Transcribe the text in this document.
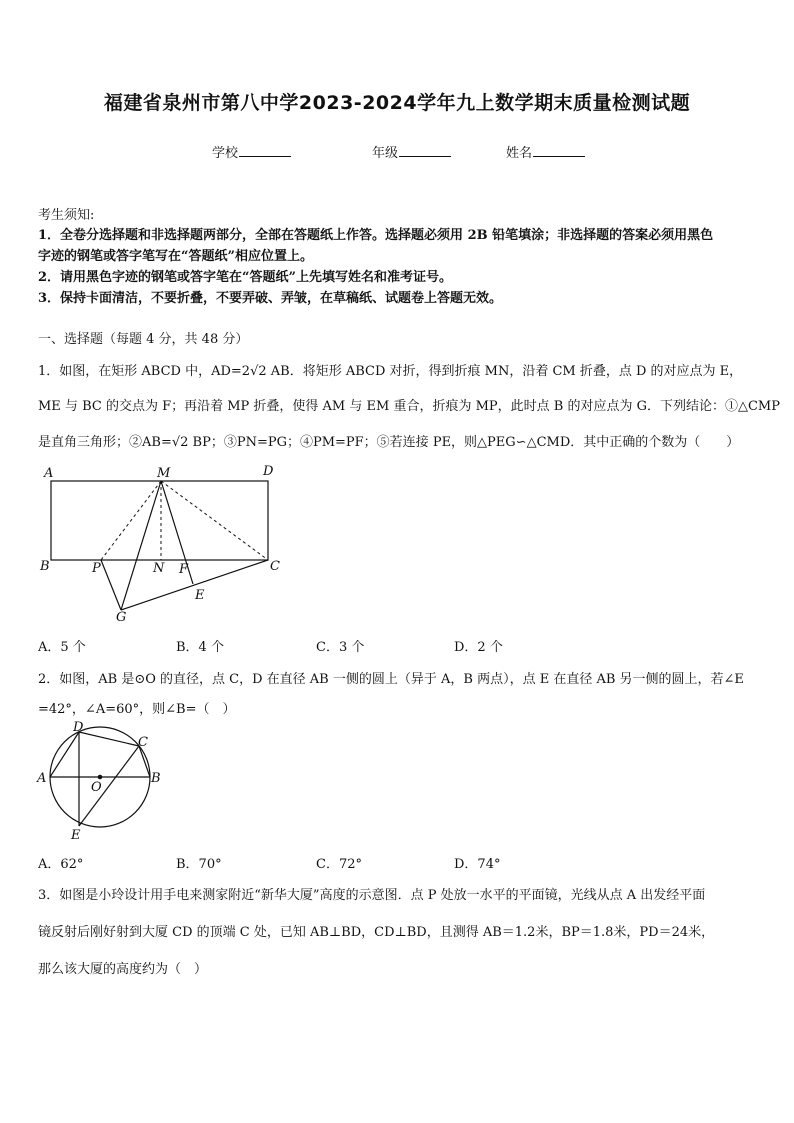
福建省泉州市第八中学2023-2024学年九上数学期末质量检测试题
学校	年级	姓名
考生须知:
1．全卷分选择题和非选择题两部分，全部在答题纸上作答。选择题必须用 2B 铅笔填涂；非选择题的答案必须用黑色
字迹的钢笔或答字笔写在“答题纸”相应位置上。
2．请用黑色字迹的钢笔或答字笔在“答题纸”上先填写姓名和准考证号。
3．保持卡面清洁，不要折叠，不要弄破、弄皱，在草稿纸、试题卷上答题无效。
一、选择题（每题 4 分，共 48 分）
1．如图，在矩形 ABCD 中，AD=2√2 AB．将矩形 ABCD 对折，得到折痕 MN，沿着 CM 折叠，点 D 的对应点为 E，
ME 与 BC 的交点为 F；再沿着 MP 折叠，使得 AM 与 EM 重合，折痕为 MP，此时点 B 的对应点为 G．下列结论：①△CMP
是直角三角形；②AB=√2 BP；③PN=PG；④PM=PF；⑤若连接 PE，则△PEG∽△CMD．其中正确的个数为（　　）
A	M	D
B	P	N F	C
E
G
A．5 个	B．4 个	C．3 个	D．2 个
2．如图，AB 是⊙O 的直径，点 C，D 在直径 AB 一侧的圆上（异于 A，B 两点），点 E 在直径 AB 另一侧的圆上，若∠E
=42°，∠A=60°，则∠B=（　）
D
C
A	B
O
E
A．62°	B．70°	C．72°	D．74°
3．如图是小玲设计用手电来测家附近“新华大厦”高度的示意图．点 P 处放一水平的平面镜，光线从点 A 出发经平面
镜反射后刚好射到大厦 CD 的顶端 C 处，已知 AB⊥BD，CD⊥BD，且测得 AB＝1.2米，BP＝1.8米，PD＝24米，
那么该大厦的高度约为（　）
